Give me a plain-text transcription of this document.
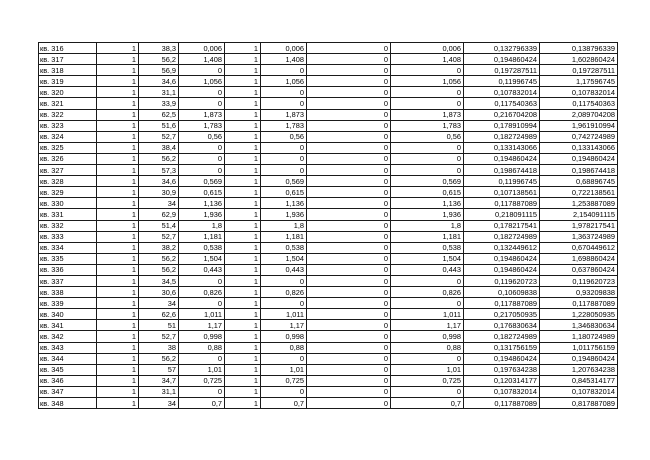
кв. 316	1	38,3	0,006	1	0,006	0	0,006	0,132796339	0,138796339
кв. 317	1	56,2	1,408	1	1,408	0	1,408	0,194860424	1,602860424
кв. 318	1	56,9	0	1	0	0	0	0,197287511	0,197287511
кв. 319	1	34,6	1,056	1	1,056	0	1,056	0,11996745	1,17596745
кв. 320	1	31,1	0	1	0	0	0	0,107832014	0,107832014
кв. 321	1	33,9	0	1	0	0	0	0,117540363	0,117540363
кв. 322	1	62,5	1,873	1	1,873	0	1,873	0,216704208	2,089704208
кв. 323	1	51,6	1,783	1	1,783	0	1,783	0,178910994	1,961910994
кв. 324	1	52,7	0,56	1	0,56	0	0,56	0,182724989	0,742724989
кв. 325	1	38,4	0	1	0	0	0	0,133143066	0,133143066
кв. 326	1	56,2	0	1	0	0	0	0,194860424	0,194860424
кв. 327	1	57,3	0	1	0	0	0	0,198674418	0,198674418
кв. 328	1	34,6	0,569	1	0,569	0	0,569	0,11996745	0,68896745
кв. 329	1	30,9	0,615	1	0,615	0	0,615	0,107138561	0,722138561
кв. 330	1	34	1,136	1	1,136	0	1,136	0,117887089	1,253887089
кв. 331	1	62,9	1,936	1	1,936	0	1,936	0,218091115	2,154091115
кв. 332	1	51,4	1,8	1	1,8	0	1,8	0,178217541	1,978217541
кв. 333	1	52,7	1,181	1	1,181	0	1,181	0,182724989	1,363724989
кв. 334	1	38,2	0,538	1	0,538	0	0,538	0,132449612	0,670449612
кв. 335	1	56,2	1,504	1	1,504	0	1,504	0,194860424	1,698860424
кв. 336	1	56,2	0,443	1	0,443	0	0,443	0,194860424	0,637860424
кв. 337	1	34,5	0	1	0	0	0	0,119620723	0,119620723
кв. 338	1	30,6	0,826	1	0,826	0	0,826	0,10609838	0,93209838
кв. 339	1	34	0	1	0	0	0	0,117887089	0,117887089
кв. 340	1	62,6	1,011	1	1,011	0	1,011	0,217050935	1,228050935
кв. 341	1	51	1,17	1	1,17	0	1,17	0,176830634	1,346830634
кв. 342	1	52,7	0,998	1	0,998	0	0,998	0,182724989	1,180724989
кв. 343	1	38	0,88	1	0,88	0	0,88	0,131756159	1,011756159
кв. 344	1	56,2	0	1	0	0	0	0,194860424	0,194860424
кв. 345	1	57	1,01	1	1,01	0	1,01	0,197634238	1,207634238
кв. 346	1	34,7	0,725	1	0,725	0	0,725	0,120314177	0,845314177
кв. 347	1	31,1	0	1	0	0	0	0,107832014	0,107832014
кв. 348	1	34	0,7	1	0,7	0	0,7	0,117887089	0,817887089
